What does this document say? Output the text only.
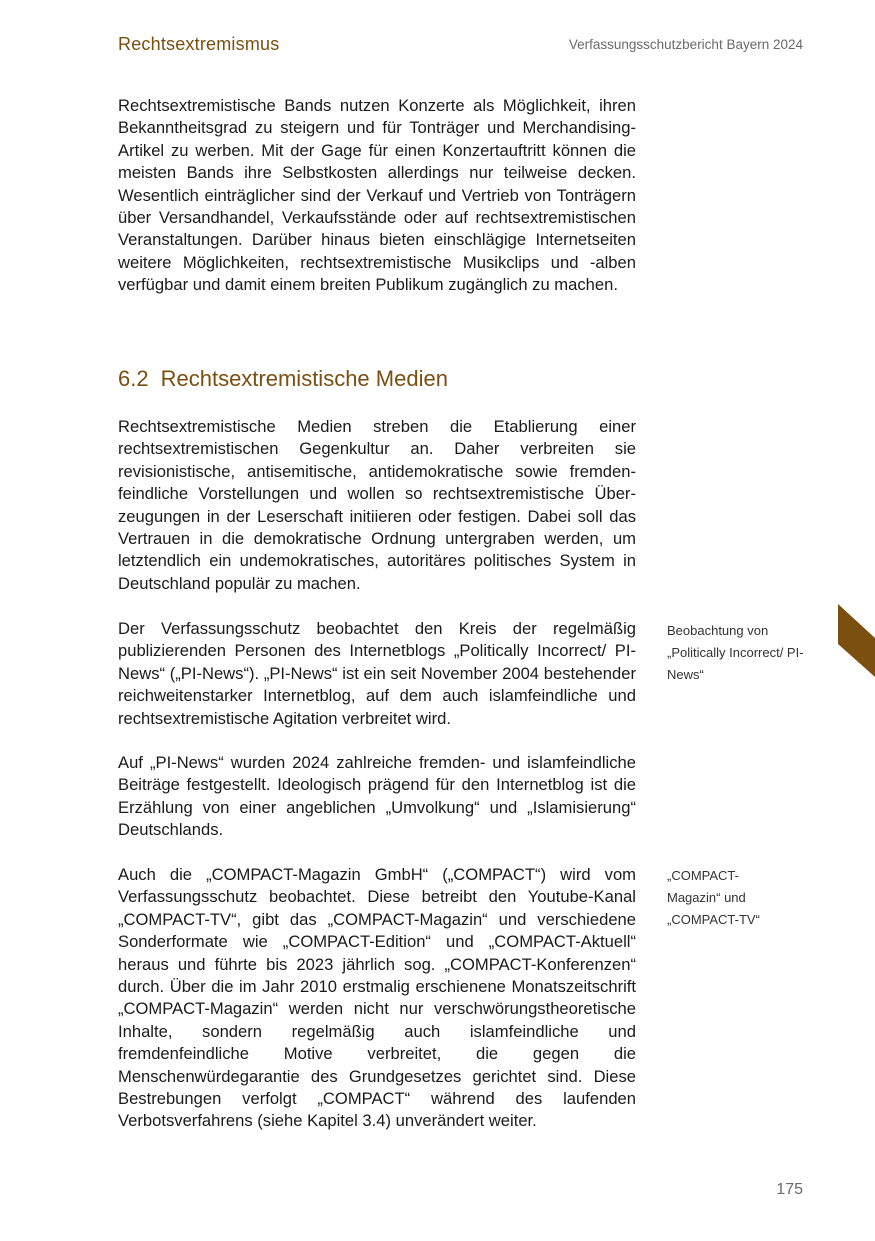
Rechtsextremismus	Verfassungsschutzbericht Bayern 2024

Rechtsextremistische Bands nutzen Konzerte als Möglichkeit, ihren Bekanntheitsgrad zu steigern und für Tonträger und Merchandising-Artikel zu werben. Mit der Gage für einen Konzertauftritt können die meisten Bands ihre Selbstkosten allerdings nur teilweise decken. Wesentlich einträglicher sind der Verkauf und Vertrieb von Tonträgern über Versandhandel, Verkaufsstände oder auf rechtsextremistischen Veranstaltungen. Darüber hinaus bieten einschlägige Internetseiten weitere Möglichkeiten, rechtsextremistische Musikclips und -alben verfügbar und damit einem breiten Publikum zugänglich zu machen.

6.2 Rechtsextremistische Medien

Rechtsextremistische Medien streben die Etablierung einer rechtsextremistischen Gegenkultur an. Daher verbreiten sie revisionistische, antisemitische, antidemokratische sowie fremdenfeindliche Vorstellungen und wollen so rechtsextremistische Überzeugungen in der Leserschaft initiieren oder festigen. Dabei soll das Vertrauen in die demokratische Ordnung untergraben werden, um letztendlich ein undemokratisches, autoritäres politisches System in Deutschland populär zu machen.

Der Verfassungsschutz beobachtet den Kreis der regelmäßig publizierenden Personen des Internetblogs „Politically Incorrect/ PI-News“ („PI-News“). „PI-News“ ist ein seit November 2004 bestehender reichweitenstarker Internetblog, auf dem auch islamfeindliche und rechtsextremistische Agitation verbreitet wird.

Beobachtung von „Politically Incorrect/ PI-News“

Auf „PI-News“ wurden 2024 zahlreiche fremden- und islamfeindliche Beiträge festgestellt. Ideologisch prägend für den Internetblog ist die Erzählung von einer angeblichen „Umvolkung“ und „Islamisierung“ Deutschlands.

Auch die „COMPACT-Magazin GmbH“ („COMPACT“) wird vom Verfassungsschutz beobachtet. Diese betreibt den Youtube-Kanal „COMPACT-TV“, gibt das „COMPACT-Magazin“ und verschiedene Sonderformate wie „COMPACT-Edition“ und „COMPACT-Aktuell“ heraus und führte bis 2023 jährlich sog. „COMPACT-Konferenzen“ durch. Über die im Jahr 2010 erstmalig erschienene Monatszeitschrift „COMPACT-Magazin“ werden nicht nur verschwörungstheoretische Inhalte, sondern regelmäßig auch islamfeindliche und fremdenfeindliche Motive verbreitet, die gegen die Menschenwürdegarantie des Grundgesetzes gerichtet sind. Diese Bestrebungen verfolgt „COMPACT“ während des laufenden Verbotsverfahrens (siehe Kapitel 3.4) unverändert weiter.

„COMPACT-Magazin“ und „COMPACT-TV“
175
